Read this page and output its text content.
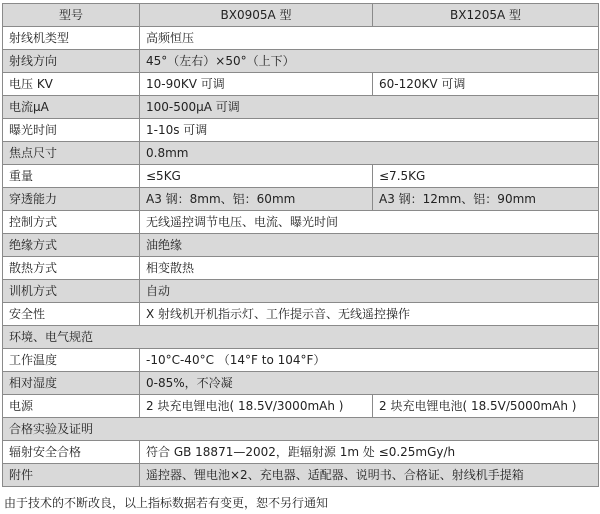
型号	BX0905A 型	BX1205A 型
射线机类型	高频恒压	
射线方向	45°（左右）×50°（上下）	
电压 KV	10-90KV 可调	60-120KV 可调
电流μA	100-500μA 可调	
曝光时间	1-10s 可调	
焦点尺寸	0.8mm	
重量	≤5KG	≤7.5KG
穿透能力	A3 钢：8mm、铝：60mm	A3 钢：12mm、铝：90mm
控制方式	无线遥控调节电压、电流、曝光时间	
绝缘方式	油绝缘	
散热方式	相变散热	
训机方式	自动	
安全性	X 射线机开机指示灯、工作提示音、无线遥控操作	
环境、电气规范		
工作温度	-10°C-40°C （14°F to 104°F）	
相对湿度	0-85%，不冷凝	
电源	2 块充电锂电池( 18.5V/3000mAh )	2 块充电锂电池( 18.5V/5000mAh )
合格实验及证明		
辐射安全合格	符合 GB 18871—2002，距辐射源 1m 处 ≤0.25mGy/h	
附件	遥控器、锂电池×2、充电器、适配器、说明书、合格证、射线机手提箱	
由于技术的不断改良，以上指标数据若有变更，恕不另行通知
